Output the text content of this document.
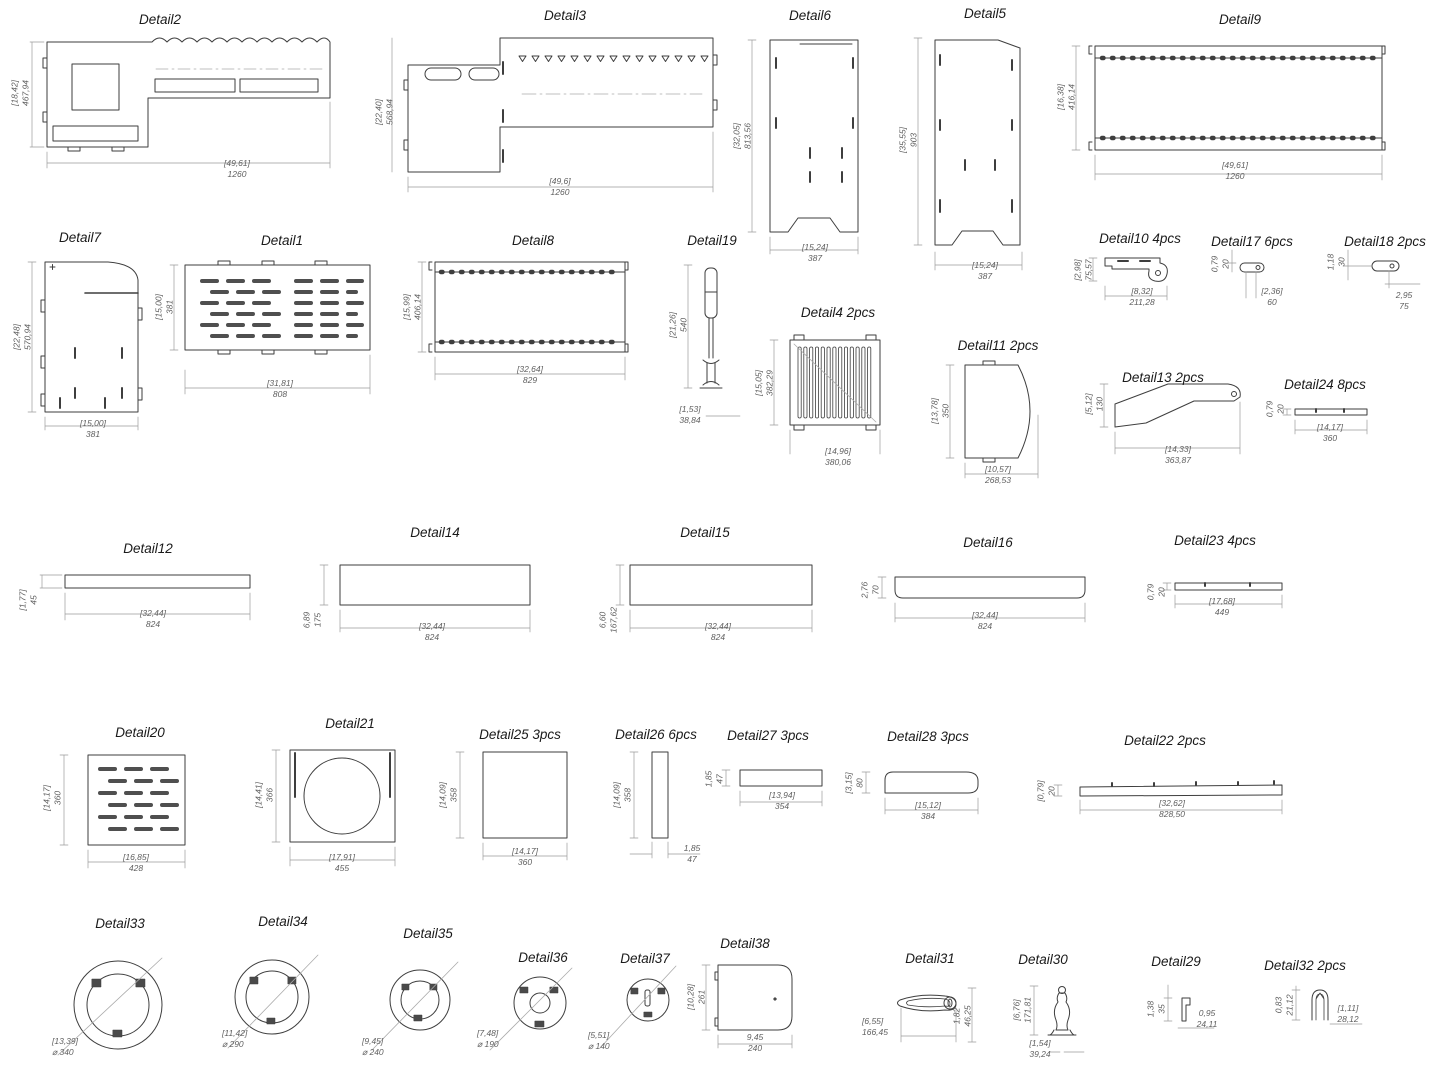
Detail2	Detail3	Detail6	Detail5	Detail9
Detail7	Detail1	Detail8	Detail19
Detail4 2pcs
Detail11 2pcs
Detail10 4pcs Detail17 6pcs	Detail18 2pcs
Detail13 2pcs	Detail24 8pcs
Detail12
Detail14	Detail15
Detail16	Detail23 4pcs
Detail20
Detail21
Detail25 3pcs	Detail26 6pcs Detail27 3pcs	Detail28 3pcs	Detail22 2pcs
Detail33	Detail34
Detail35
Detail36	Detail37
Detail38
Detail31	Detail30	Detail29	Detail32 2pcs
[18,42] 467,94
[22,40] 568,94
[32,05] 813,56	[35,55] 903
[16,38] 416,14
[22,48] 570,94
[15,00] 381	[15,99] 406,14
[21,26] 540
[15,05] 382,29
[13,78] 350
[2,98] 75,57	0,79 20	1,18 30
[5,12] 130	0,79 20
[1,77] 45
6,89 175	6,60 167,62
2,76 70	0,79 20
[14,17] 360	[14,41] 366	[14,09] 358	[14,09] 358
1,85 47	[3,15] 80	[0,79] 20
[10,28] 261
1,82 46,25	[6,76] 171,81	1,38 35	0,83 21,12
[49,61]
1260
[49,6]
1260
[15,24]
387
[15,24]
387
[49,61]
1260
[15,00]
381
[31,81]
808
[32,64]
829
[1,53]
38,84
[14,96]
380,06
[10,57]
268,53
[8,32]
211,28
[2,36]
60
2,95
75
[14,33]
363,87
[14,17]
360
[32,44]
824	[32,44]
824
[32,44]
824
[32,44]
824
[17,68]
449
[16,85]
428
[17,91]
455
[14,17]
360
1,85
47
[13,94]
354	[15,12]
384
[32,62]
828,50
9,45
240
[6,55]
166,45
[1,54]
39,24
0,95
24,11
[1,11]
28,12
[13,39]
⌀ 340
[11,42]
⌀ 290	[9,45]
⌀ 240
[7,48]
⌀ 190
[5,51]
⌀ 140
